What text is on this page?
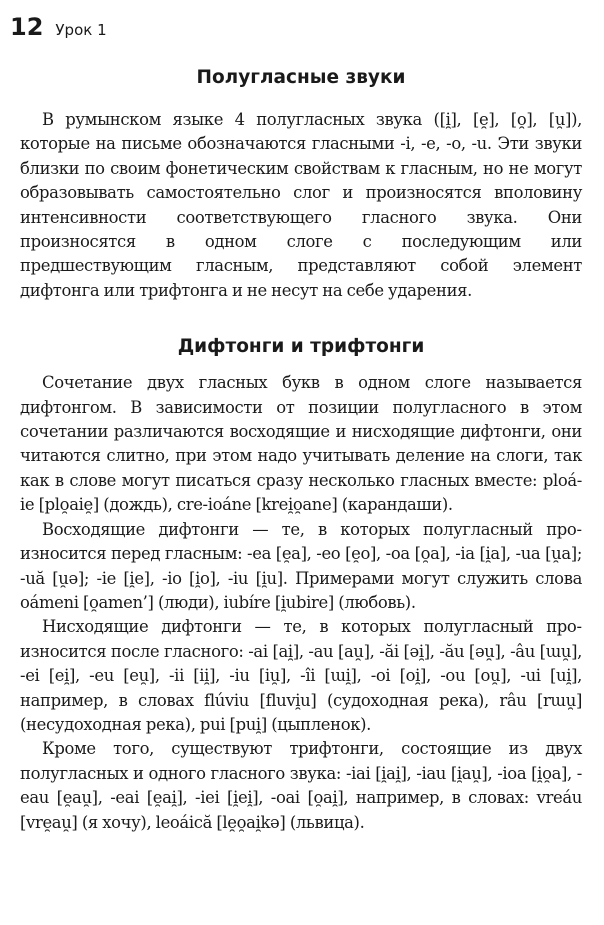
12 Урок 1
Полугласные звуки

В румынском языке 4 полугласных звука ([i̯], [e̯], [o̯], [u̯]), которые на письме обозначаются гласными -i, -e, -o, -u. Эти звуки близки по своим фонетическим свойствам к гласным, но не могут образовывать самостоятельно слог и произносятся вполовину интенсивности соответствующего гласного звука. Они произносятся в одном слоге с последующим или предшествующим гласным, представляют собой элемент дифтонга или трифтонга и не несут на себе ударения.

Дифтонги и трифтонги

Сочетание двух гласных букв в одном слоге называется дифтонгом. В зависимости от позиции полугласного в этом сочетании различаются восходящие и нисходящие дифтонги, они читаются слитно, при этом надо учитывать деление на слоги, так как в слове могут писаться сразу несколько гласных вместе: ploá-ie [plo̯aie̯] (дождь), cre-ioáne [krei̯o̯ane] (карандаши).

Восходящие дифтонги — те, в которых полугласный произносится перед гласным: -ea [e̯a], -eo [e̯o], -oa [o̯a], -ia [i̯a], -ua [u̯a]; -uă [u̯ə]; -ie [i̯e], -io [i̯o], -iu [i̯u]. Примерами могут служить слова oámeni [o̯amen’] (люди), iubíre [i̯ubire] (любовь).

Нисходящие дифтонги — те, в которых полугласный произносится после гласного: -ai [ai̯], -au [au̯], -ăi [əi̯], -ău [əu̯], -âu [ɯu̯], -ei [ei̯], -eu [eu̯], -ii [ii̯], -iu [iu̯], -îi [ɯi̯], -oi [oi̯], -ou [ou̯], -ui [ui̯], например, в словах flúviu [fluvi̯u] (судоходная река), râu [rɯu̯] (несудоходная река), pui [pui̯] (цыпленок).

Кроме того, существуют трифтонги, состоящие из двух полугласных и одного гласного звука: -iai [i̯ai̯], -iau [i̯au̯], -ioa [i̯o̯a], -eau [e̯au̯], -eai [e̯ai̯], -iei [i̯ei̯], -oai [o̯ai̯], например, в словах: vreáu [vre̯au̯] (я хочу), leoáică [le̯o̯ai̯kə] (львица).
